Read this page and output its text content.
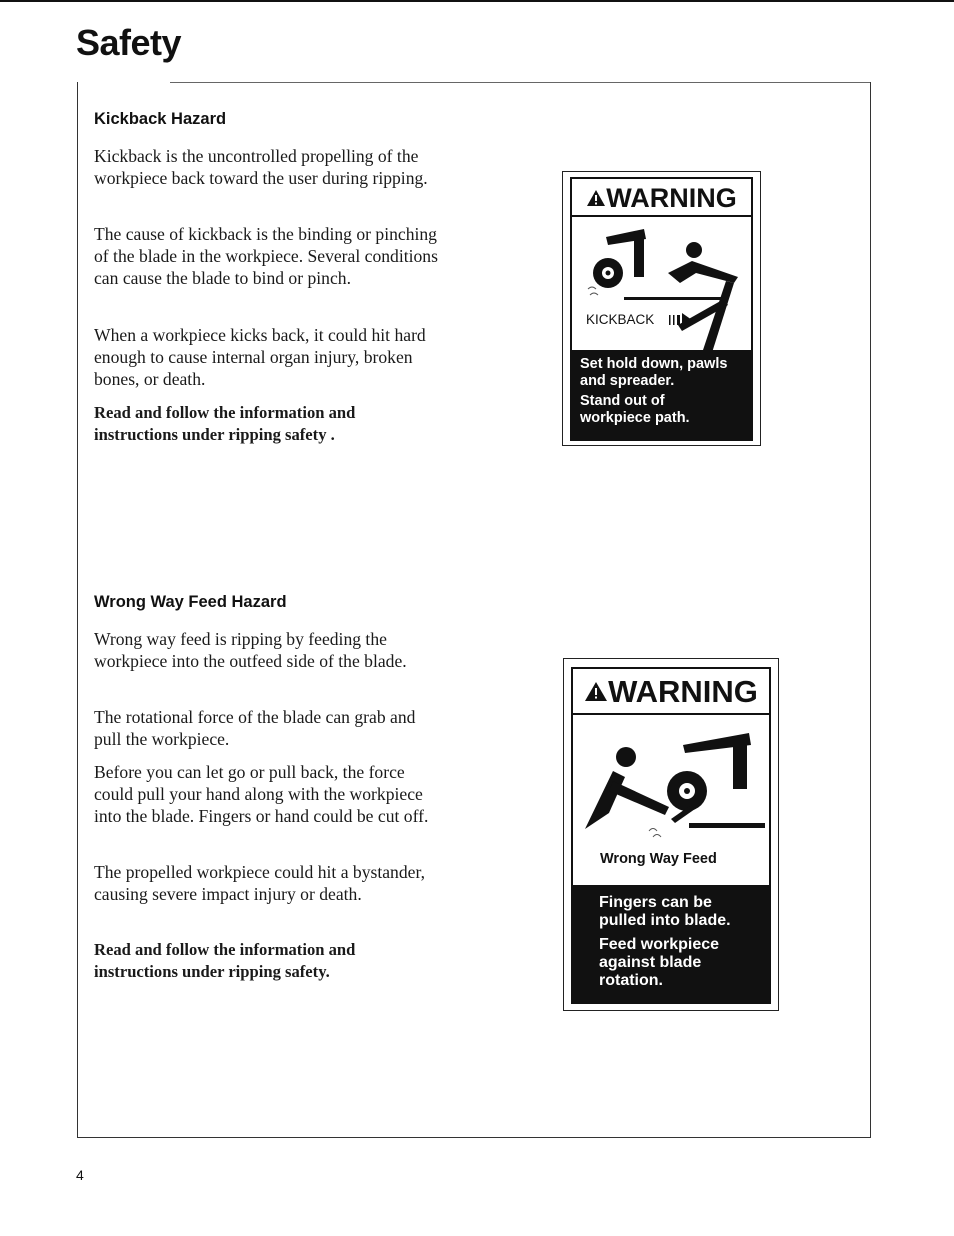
Safety
Kickback Hazard

Kickback is the uncontrolled propelling of the workpiece back toward the user during ripping.

The cause of kickback is the binding or pinching of the blade in the workpiece. Several conditions can cause the blade to bind or pinch.

When a workpiece kicks back, it could hit hard enough to cause internal organ injury, broken bones, or death.

Read and follow the information and instructions under ripping safety .

WARNING
KICKBACK

Set hold down, pawls and spreader.

Stand out of workpiece path.

Wrong Way Feed Hazard

Wrong way feed is ripping by feeding the workpiece into the outfeed side of the blade.

The rotational force of the blade can grab and pull the workpiece.

Before you can let go or pull back, the force could pull your hand along with the workpiece into the blade. Fingers or hand could be cut off.

The propelled workpiece could hit a bystander, causing severe impact injury or death.

Read and follow the information and instructions under ripping safety.

WARNING
Wrong Way Feed

Fingers can be pulled into blade.

Feed workpiece against blade rotation.

4
